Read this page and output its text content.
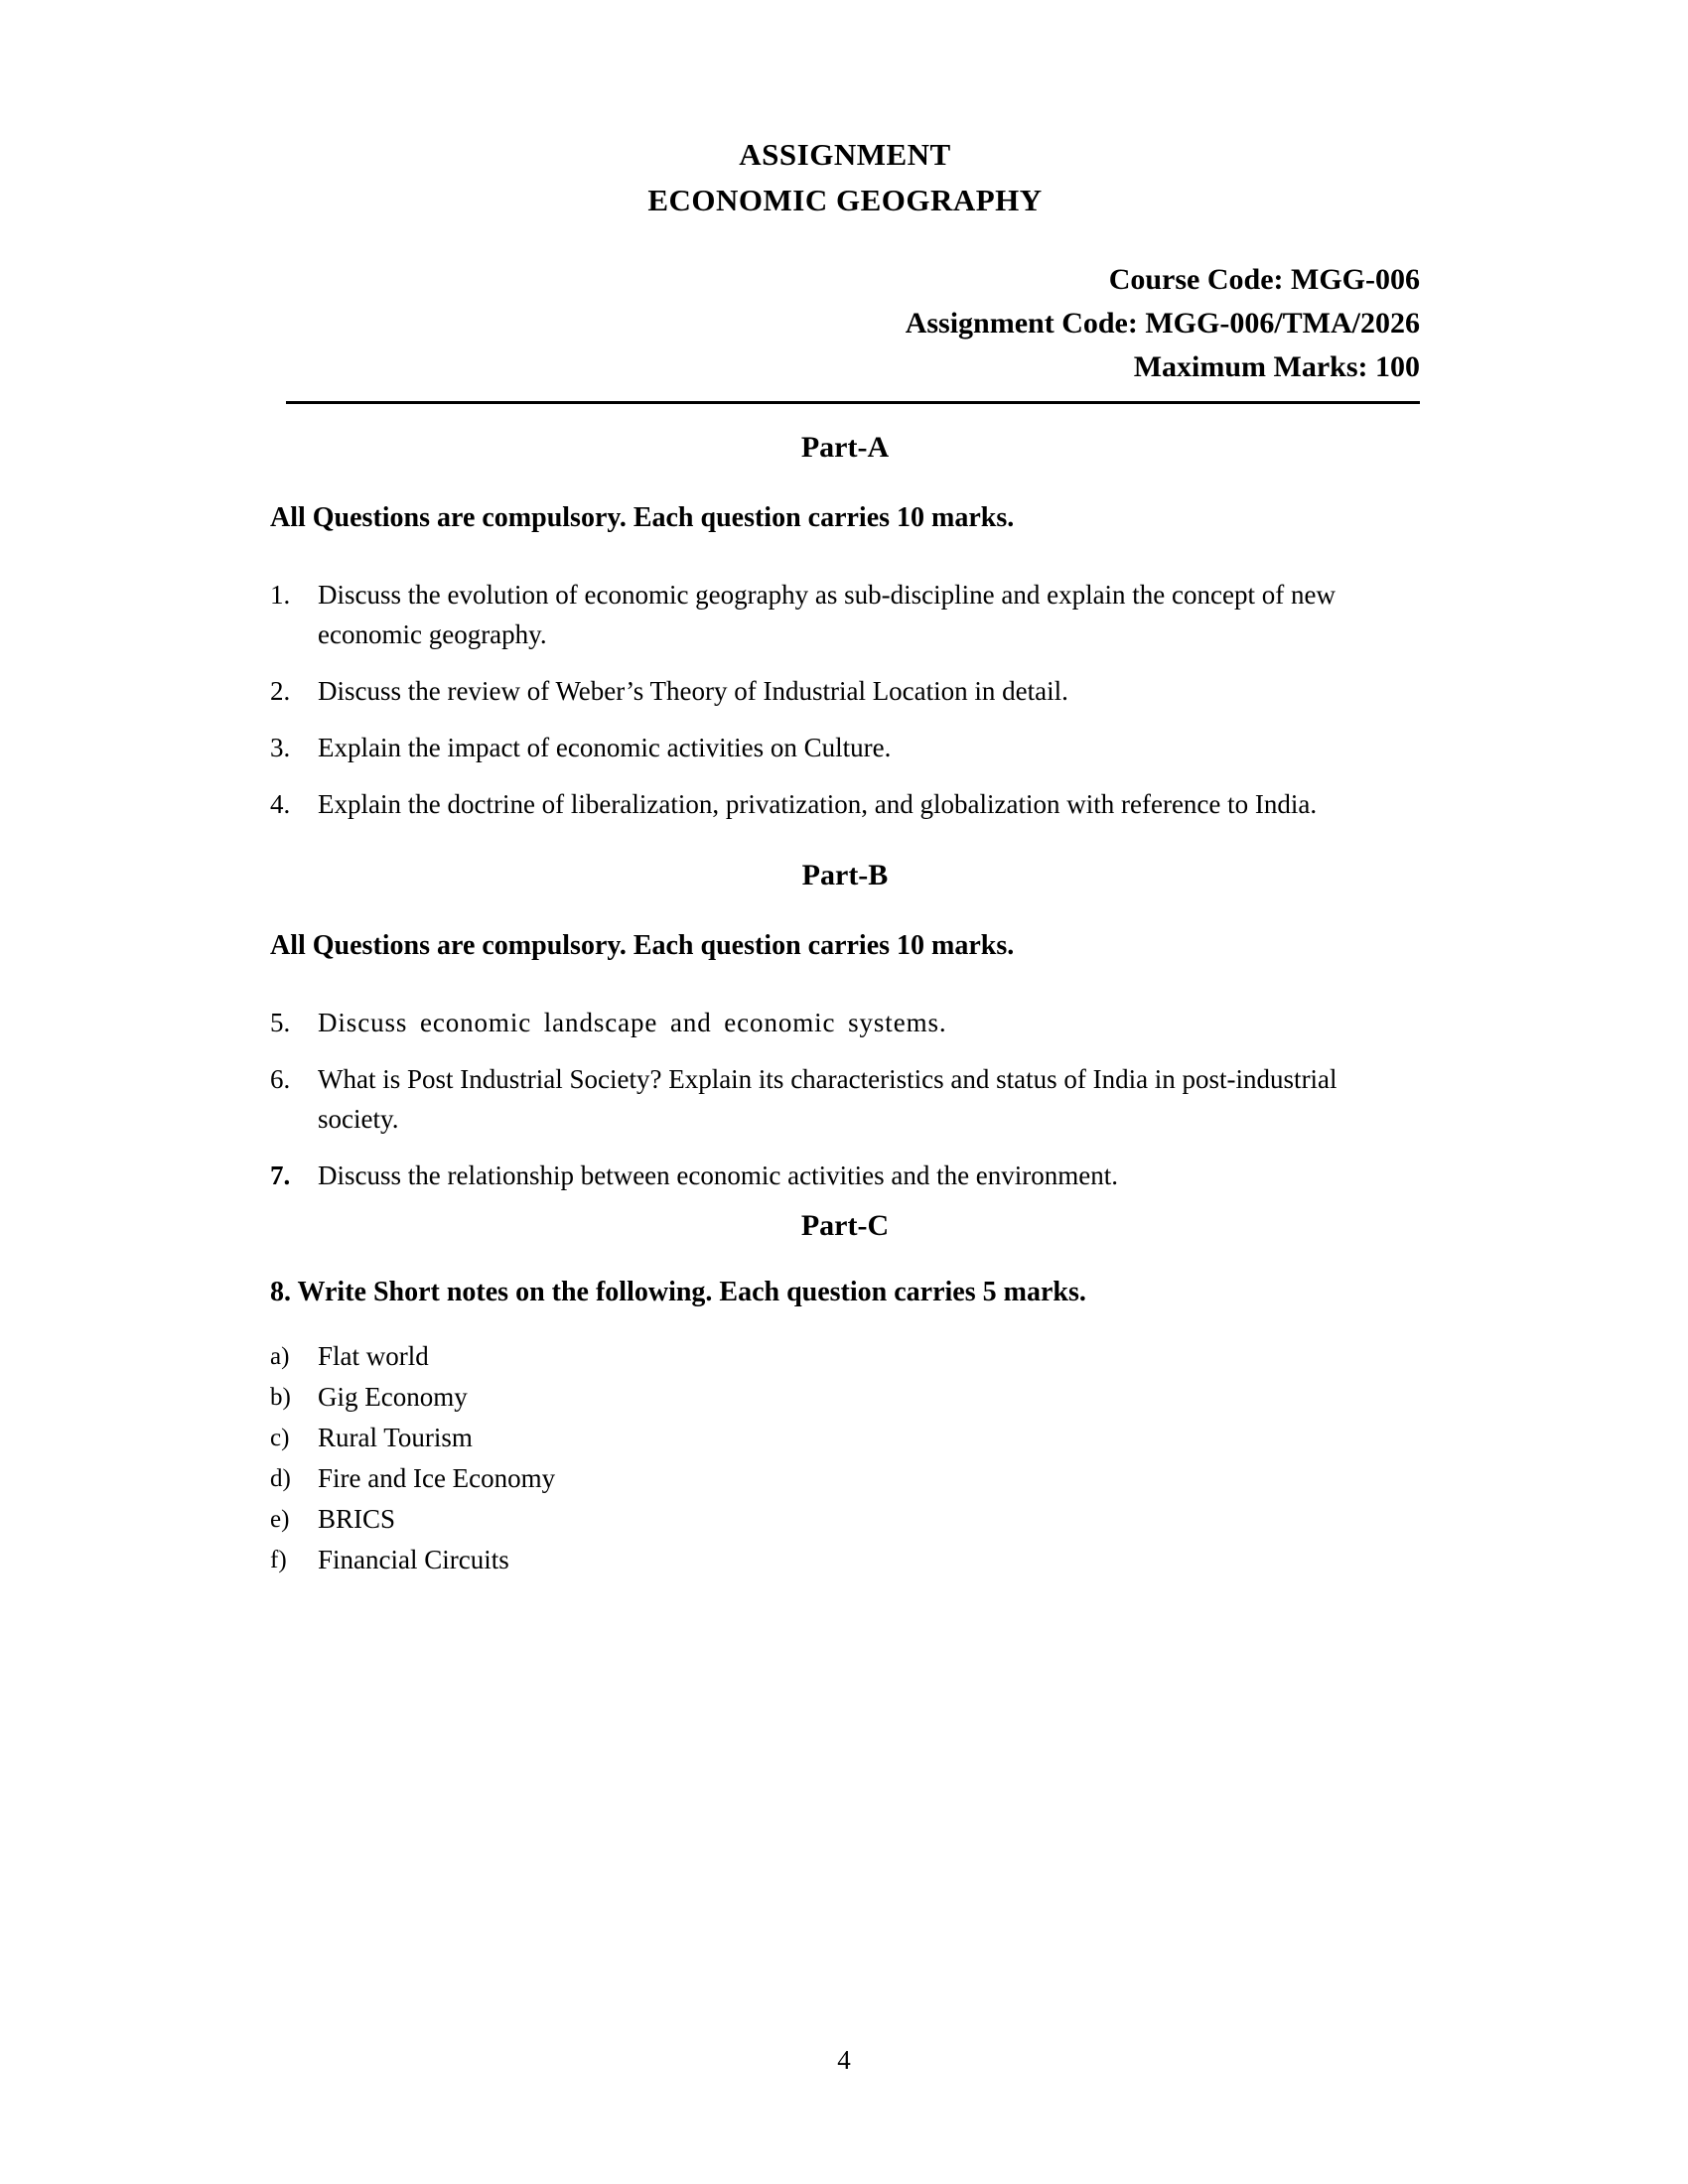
ASSIGNMENT
ECONOMIC GEOGRAPHY
Course Code: MGG-006
Assignment Code: MGG-006/TMA/2026
Maximum Marks: 100
Part-A
All Questions are compulsory. Each question carries 10 marks.
1.	Discuss the evolution of economic geography as sub-discipline and explain the concept of new economic geography.
2.	Discuss the review of Weber’s Theory of Industrial Location in detail.
3.	Explain the impact of economic activities on Culture.
4.	Explain the doctrine of liberalization, privatization, and globalization with reference to India.
Part-B
All Questions are compulsory. Each question carries 10 marks.
5.	Discuss economic landscape and economic systems.
6.	What is Post Industrial Society? Explain its characteristics and status of India in post-industrial society.
7.	Discuss the relationship between economic activities and the environment.
Part-C
8. Write Short notes on the following. Each question carries 5 marks.
a)	Flat world
b)	Gig Economy
c)	Rural Tourism
d)	Fire and Ice Economy
e)	BRICS
f)	Financial Circuits
4
